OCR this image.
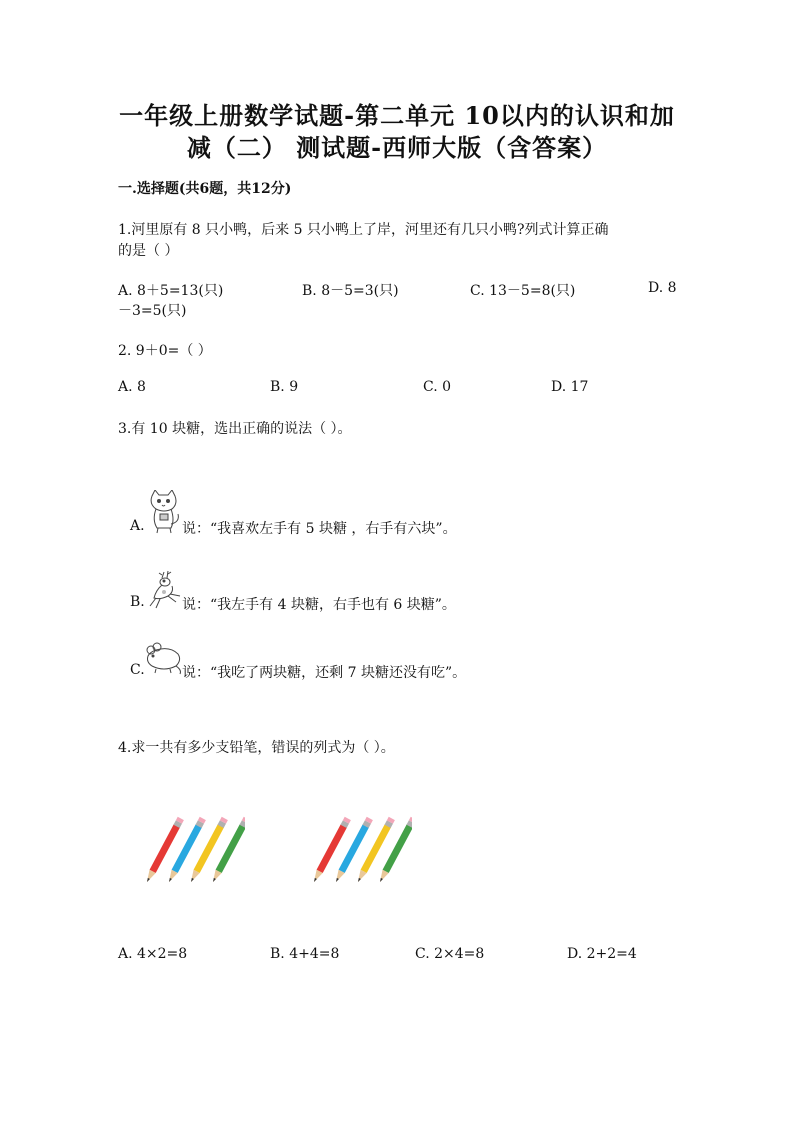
一年级上册数学试题-第二单元 10以内的认识和加
减（二） 测试题-西师大版（含答案）
一.选择题(共6题，共12分)
1.河里原有 8 只小鸭，后来 5 只小鸭上了岸，河里还有几只小鸭?列式计算正确
的是（ ）
A. 8＋5=13(只)	B. 8－5=3(只)	C. 13－5=8(只)	D. 8
－3=5(只)
2. 9＋0=（ ）
A. 8	B. 9	C. 0	D. 17
3.有 10 块糖，选出正确的说法（ ）。
A.	说：“我喜欢左手有 5 块糖 ，右手有六块”。
B.	说：“我左手有 4 块糖，右手也有 6 块糖”。
C.	说：“我吃了两块糖，还剩 7 块糖还没有吃”。
4.求一共有多少支铅笔，错误的列式为（ ）。
A. 4×2=8	B. 4+4=8	C. 2×4=8	D. 2+2=4
